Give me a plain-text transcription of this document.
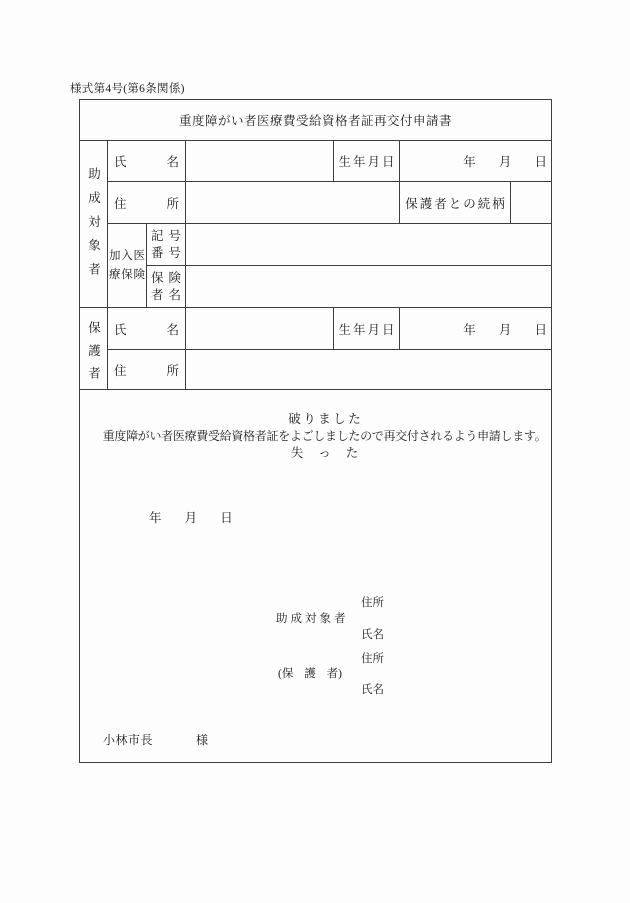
様式第4号(第6条関係)
重度障がい者医療費受給資格者証再交付申請書						

助成対象者	氏名			生年月日	年 月 日	
	住所				保護者との続柄	

	加入医療保険	記号番号				

		保険者名				

保護者	氏名			生年月日	年 月 日	
	住所					

破りました
重度障がい者医療費受給資格者証をよごしましたので再交付されるよう申請します。
失った
年 月 日
助成対象者
住所
氏名
(保 護 者)
住所
氏名
小林市長	様
